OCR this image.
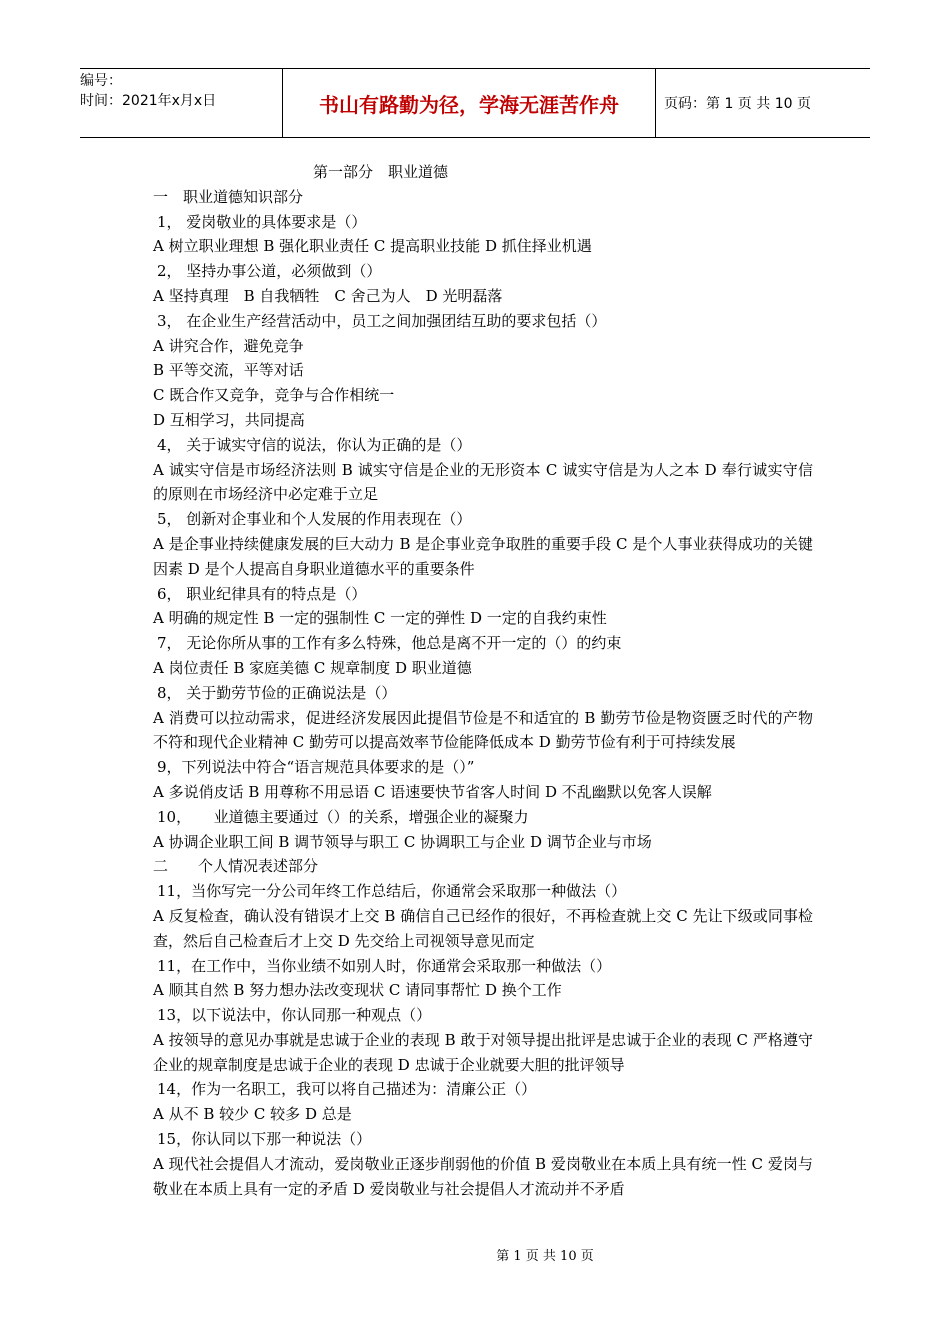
编号：
时间：2021年x月x日	书山有路勤为径，学海无涯苦作舟	页码：第 1 页 共 10 页
第一部分　职业道德
一　职业道德知识部分
1， 爱岗敬业的具体要求是（）
A 树立职业理想 B 强化职业责任 C 提高职业技能 D 抓住择业机遇
2， 坚持办事公道，必须做到（）
A 坚持真理　B 自我牺牲　C 舍己为人　D 光明磊落
3， 在企业生产经营活动中，员工之间加强团结互助的要求包括（）
A 讲究合作，避免竞争
B 平等交流，平等对话
C 既合作又竞争，竞争与合作相统一
D 互相学习，共同提高
4， 关于诚实守信的说法，你认为正确的是（）
A 诚实守信是市场经济法则 B 诚实守信是企业的无形资本 C 诚实守信是为人之本 D 奉行诚实守信的原则在市场经济中必定难于立足
5， 创新对企事业和个人发展的作用表现在（）
A 是企事业持续健康发展的巨大动力 B 是企事业竞争取胜的重要手段 C 是个人事业获得成功的关键因素 D 是个人提高自身职业道德水平的重要条件
6， 职业纪律具有的特点是（）
A 明确的规定性 B 一定的强制性 C 一定的弹性 D 一定的自我约束性
7， 无论你所从事的工作有多么特殊，他总是离不开一定的（）的约束
A 岗位责任 B 家庭美德 C 规章制度 D 职业道德
8， 关于勤劳节俭的正确说法是（）
A 消费可以拉动需求，促进经济发展因此提倡节俭是不和适宜的 B 勤劳节俭是物资匮乏时代的产物不符和现代企业精神 C 勤劳可以提高效率节俭能降低成本 D 勤劳节俭有利于可持续发展
9，下列说法中符合“语言规范具体要求的是（）”
A 多说俏皮话 B 用尊称不用忌语 C 语速要快节省客人时间 D 不乱幽默以免客人误解
10，　　业道德主要通过（）的关系，增强企业的凝聚力
A 协调企业职工间 B 调节领导与职工 C 协调职工与企业 D 调节企业与市场
二　　个人情况表述部分
11，当你写完一分公司年终工作总结后，你通常会采取那一种做法（）
A 反复检查，确认没有错误才上交 B 确信自己已经作的很好，不再检查就上交 C 先让下级或同事检查，然后自己检查后才上交 D 先交给上司视领导意见而定
11，在工作中，当你业绩不如别人时，你通常会采取那一种做法（）
A 顺其自然 B 努力想办法改变现状 C 请同事帮忙 D 换个工作
13，以下说法中，你认同那一种观点（）
A 按领导的意见办事就是忠诚于企业的表现 B 敢于对领导提出批评是忠诚于企业的表现 C 严格遵守企业的规章制度是忠诚于企业的表现 D 忠诚于企业就要大胆的批评领导
14，作为一名职工，我可以将自己描述为：清廉公正（）
A 从不 B 较少 C 较多 D 总是
15，你认同以下那一种说法（）
A 现代社会提倡人才流动，爱岗敬业正逐步削弱他的价值 B 爱岗敬业在本质上具有统一性 C 爱岗与敬业在本质上具有一定的矛盾 D 爱岗敬业与社会提倡人才流动并不矛盾
第 1 页 共 10 页
